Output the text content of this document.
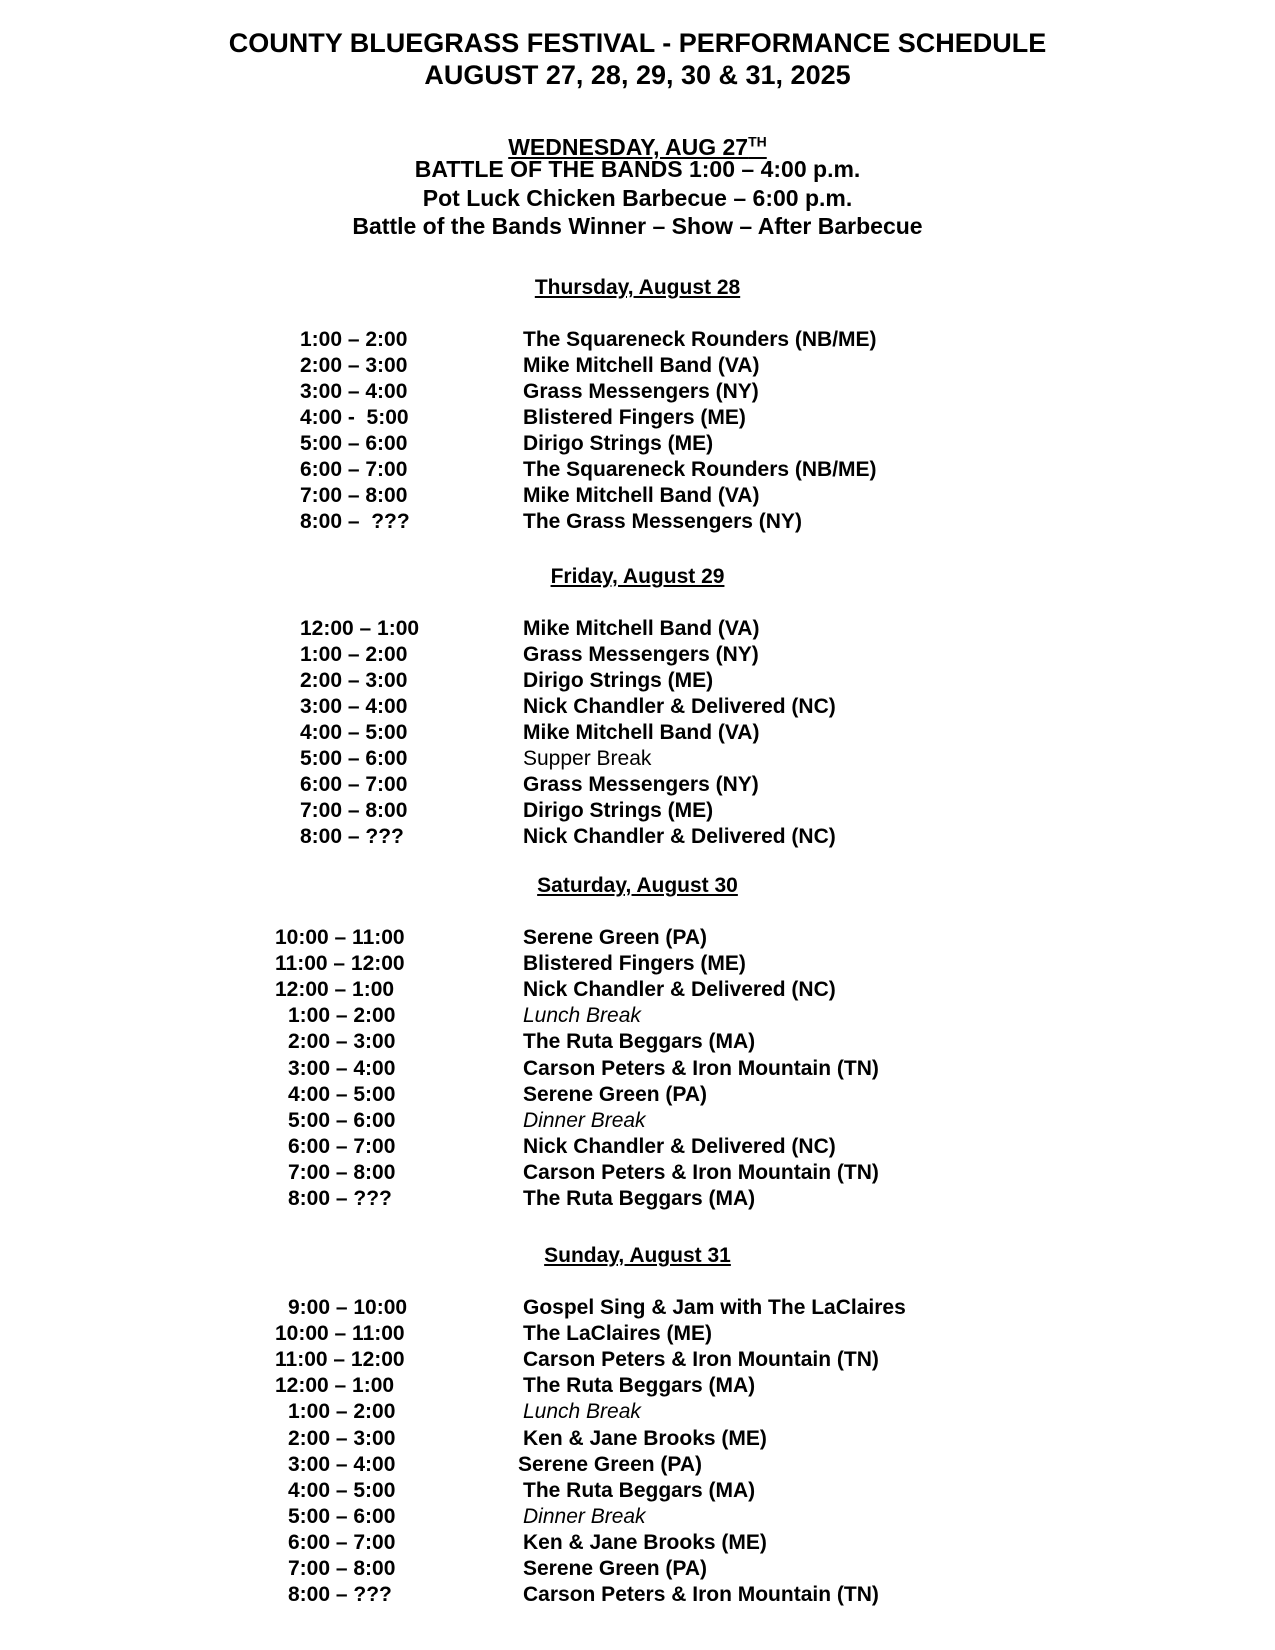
COUNTY BLUEGRASS FESTIVAL - PERFORMANCE SCHEDULE
AUGUST 27, 28, 29, 30 & 31, 2025
WEDNESDAY, AUG 27TH
BATTLE OF THE BANDS 1:00 – 4:00 p.m.
Pot Luck Chicken Barbecue – 6:00 p.m.
Battle of the Bands Winner – Show – After Barbecue
Thursday, August 28
1:00 – 2:00	The Squareneck Rounders (NB/ME)
2:00 – 3:00	Mike Mitchell Band (VA)
3:00 – 4:00	Grass Messengers (NY)
4:00 -  5:00	Blistered Fingers (ME)
5:00 – 6:00	Dirigo Strings (ME)
6:00 – 7:00	The Squareneck Rounders (NB/ME)
7:00 – 8:00	Mike Mitchell Band (VA)
8:00 –  ???	The Grass Messengers (NY)
Friday, August 29
12:00 – 1:00	Mike Mitchell Band (VA)
1:00 – 2:00	Grass Messengers (NY)
2:00 – 3:00	Dirigo Strings (ME)
3:00 – 4:00	Nick Chandler & Delivered (NC)
4:00 – 5:00	Mike Mitchell Band (VA)
5:00 – 6:00	Supper Break
6:00 – 7:00	Grass Messengers (NY)
7:00 – 8:00	Dirigo Strings (ME)
8:00 – ???	Nick Chandler & Delivered (NC)
Saturday, August 30
10:00 – 11:00	Serene Green (PA)
11:00 – 12:00	Blistered Fingers (ME)
12:00 – 1:00	Nick Chandler & Delivered (NC)
1:00 – 2:00	Lunch Break
2:00 – 3:00	The Ruta Beggars (MA)
3:00 – 4:00	Carson Peters & Iron Mountain (TN)
4:00 – 5:00	Serene Green (PA)
5:00 – 6:00	Dinner Break
6:00 – 7:00	Nick Chandler & Delivered (NC)
7:00 – 8:00	Carson Peters & Iron Mountain (TN)
8:00 – ???	The Ruta Beggars (MA)
Sunday, August 31
9:00 – 10:00	Gospel Sing & Jam with The LaClaires
10:00 – 11:00	The LaClaires (ME)
11:00 – 12:00	Carson Peters & Iron Mountain (TN)
12:00 – 1:00	The Ruta Beggars (MA)
1:00 – 2:00	Lunch Break
2:00 – 3:00	Ken & Jane Brooks (ME)
3:00 – 4:00	Serene Green (PA)
4:00 – 5:00	The Ruta Beggars (MA)
5:00 – 6:00	Dinner Break
6:00 – 7:00	Ken & Jane Brooks (ME)
7:00 – 8:00	Serene Green (PA)
8:00 – ???	Carson Peters & Iron Mountain (TN)
